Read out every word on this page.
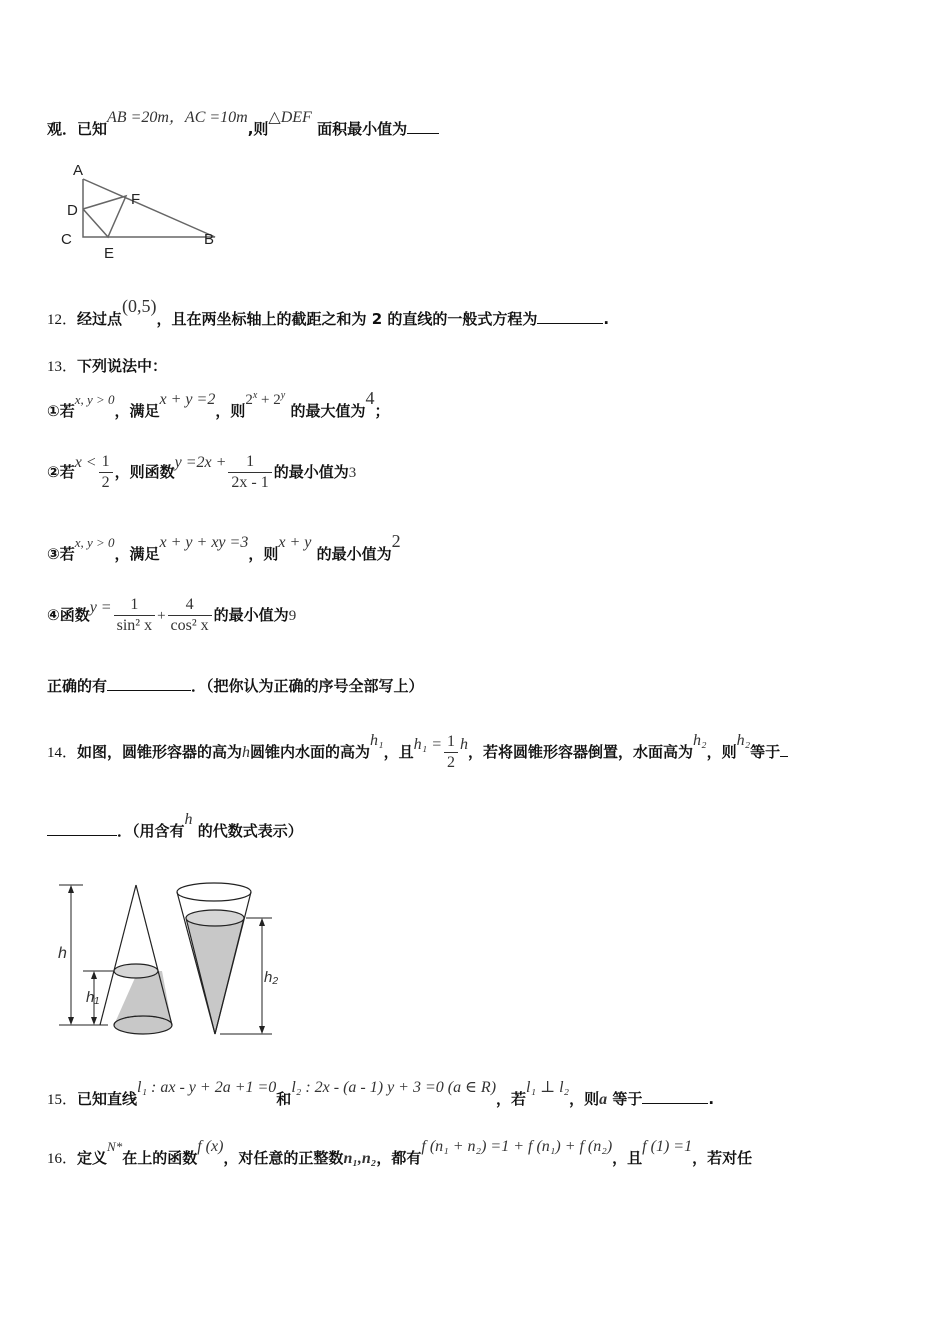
观．已知AB =20m，AC =10m,则△DEF 面积最小值为
A
D
F
C
E
B
12．经过点(0,5)，且在两坐标轴上的截距之和为 2 的直线的一般式方程为	.
13．下列说法中：
①若x, y > 0，满足x + y =2，则$2^x + 2^y$ 的最大值为4；
②若$x < \frac{1}{2}$ ，则函数$y =2x + \frac{1}{2x - 1}$ 的最小值为3
③若x, y > 0，满足x + y + xy =3，则x + y 的最小值为2
④函数$y = \frac{1}{\text{sin² x}} + \frac{4}{\text{cos² x}}$ 的最小值为9
正确的有	．（把你认为正确的序号全部写上）
14．如图，圆锥形容器的高为h圆锥内水面的高为h₁，且$h_1 = \frac{1}{2}$ h，若将圆锥形容器倒置，水面高为h₂，则h₂等于
．（用含有h 的代数式表示）
h
h₁
h₂
15．已知直线l₁ : ax - y + 2a +1 =0和l₂ : 2x - (a - 1) y + 3 =0 (a ∈ R)，若l₁ ⊥ l₂，则a 等于	.
16．定义N*在上的函数f (x)，对任意的正整数n₁,n₂，都有f (n₁ + n₂) =1 + f (n₁) + f (n₂)，且f (1) =1，若对任
